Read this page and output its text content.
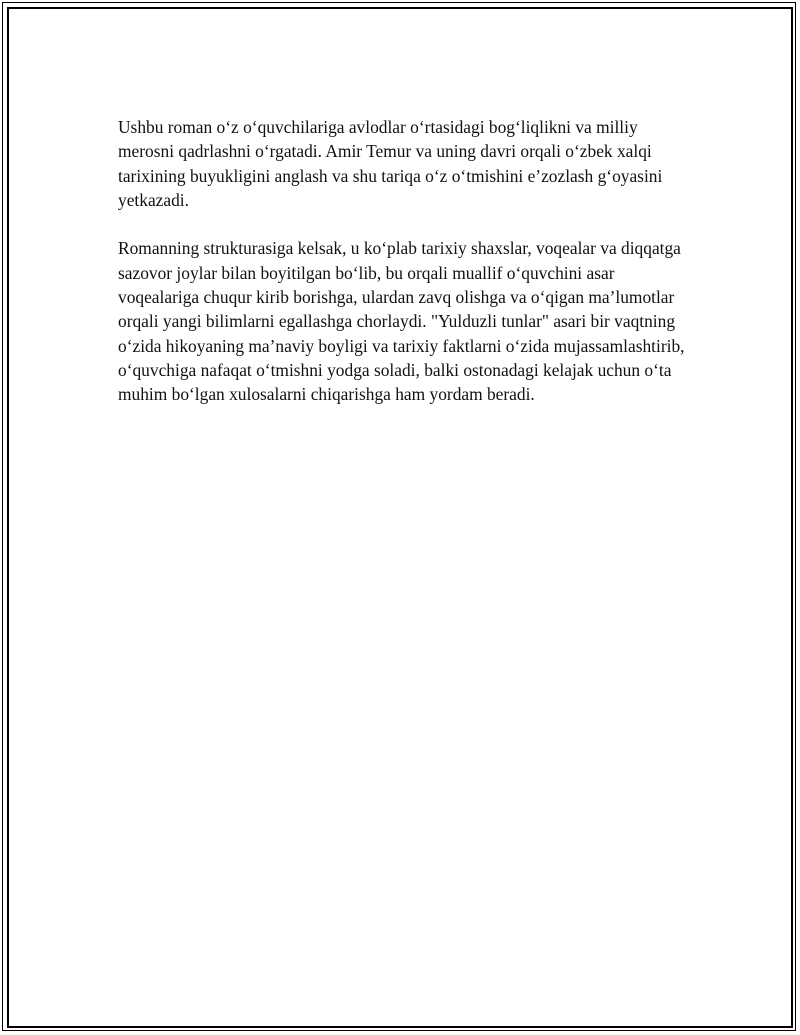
Ushbu roman o‘z o‘quvchilariga avlodlar o‘rtasidagi bog‘liqlikni va milliy merosni qadrlashni o‘rgatadi. Amir Temur va uning davri orqali o‘zbek xalqi tarixining buyukligini anglash va shu tariqa o‘z o‘tmishini e’zozlash g‘oyasini yetkazadi.

Romanning strukturasiga kelsak, u ko‘plab tarixiy shaxslar, voqealar va diqqatga sazovor joylar bilan boyitilgan bo‘lib, bu orqali muallif o‘quvchini asar voqealariga chuqur kirib borishga, ulardan zavq olishga va o‘qigan ma’lumotlar orqali yangi bilimlarni egallashga chorlaydi. "Yulduzli tunlar" asari bir vaqtning o‘zida hikoyaning ma’naviy boyligi va tarixiy faktlarni o‘zida mujassamlashtirib, o‘quvchiga nafaqat o‘tmishni yodga soladi, balki ostonadagi kelajak uchun o‘ta muhim bo‘lgan xulosalarni chiqarishga ham yordam beradi.
